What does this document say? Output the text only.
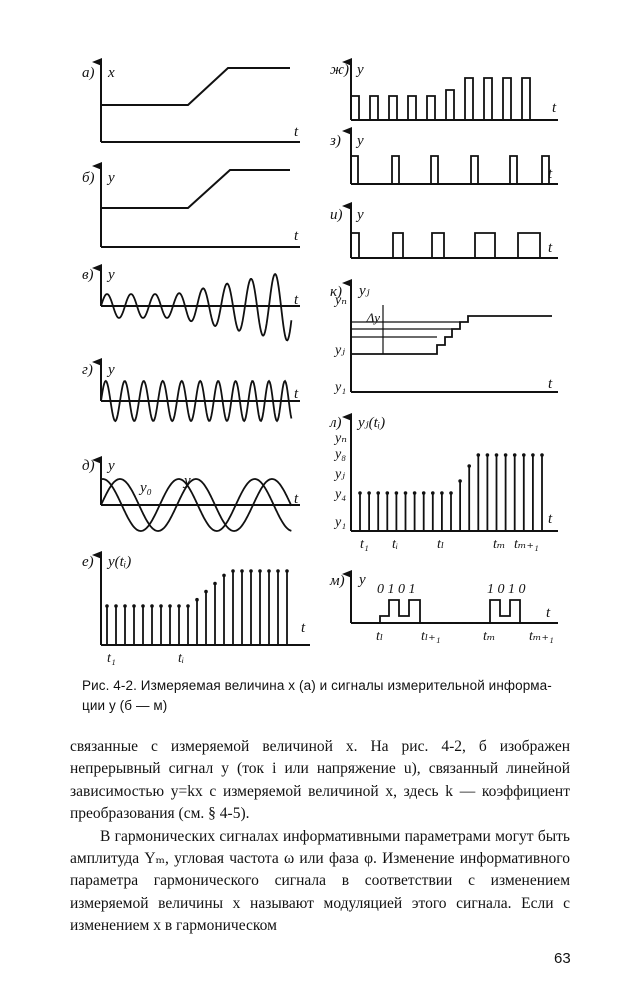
а) x
t
б) y
t
в) y
t
г) y
t
д) y
t
y₀ y
е) y(tᵢ)
t
t₁	tᵢ
ж) y
t
з) y
t
и) y
t
к) yⱼ
t
yₙ
yⱼ
y₁
Δy
л) yⱼ(tᵢ)
t
yₙ
y₈
yⱼ
y₄
y₁
t₁ tᵢ	tₗ	tₘ tₘ₊₁
м) y
t
0 1 0 1	1 0 1 0
tₗ	tₗ₊₁	tₘ tₘ₊₁
Рис. 4-2. Измеряемая величина x (а) и сигналы измерительной информа-
ции y (б — м)

связанные с измеряемой величиной x. На рис. 4-2, б изображен непрерывный сигнал y (ток i или напряжение u), связанный линейной зависимостью y=kx с измеряемой величиной x, здесь k — коэффициент преобразования (см. § 4-5).

В гармонических сигналах информативными параметрами могут быть амплитуда Yₘ, угловая частота ω или фаза φ. Изменение информативного параметра гармонического сигнала в соответствии с изменением измеряемой величины x называют модуляцией этого сигнала. Если с изменением x в гармоническом

63
